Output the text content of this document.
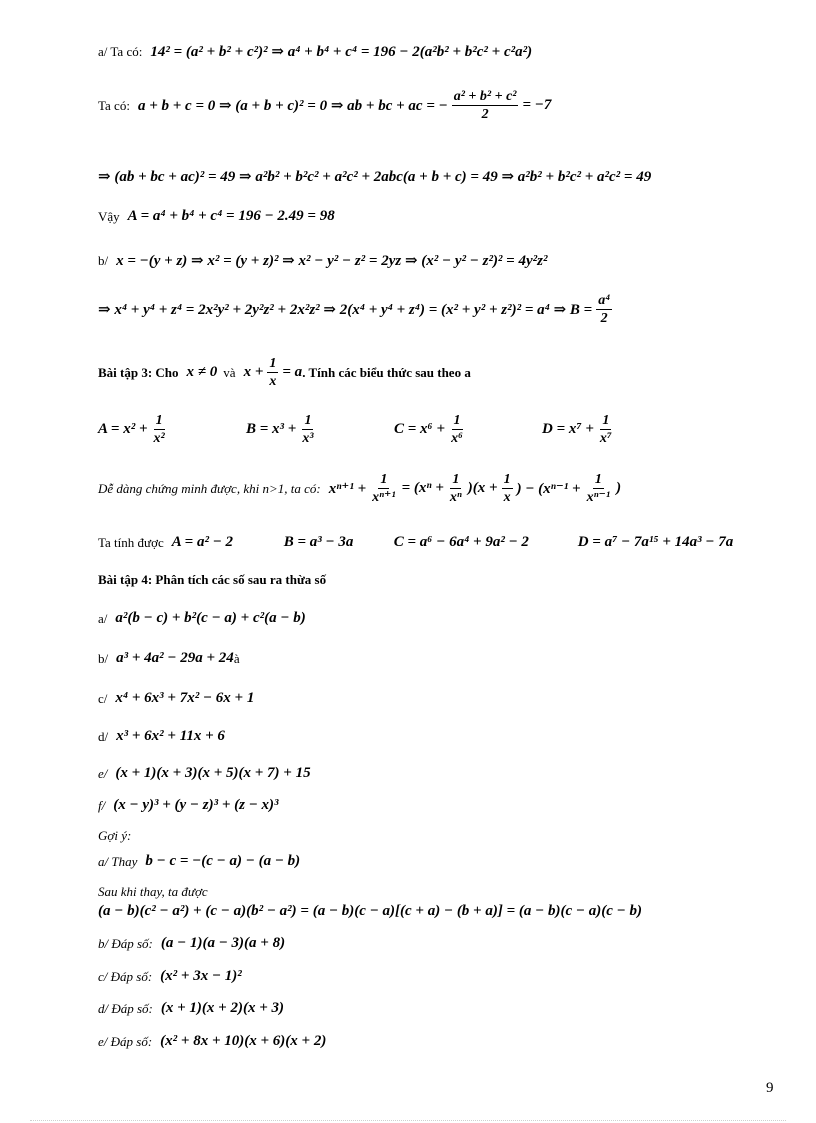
a/ Ta có: 14² = (a² + b² + c²)² ⇒ a⁴ + b⁴ + c⁴ = 196 − 2(a²b² + b²c² + c²a²)
Ta có: a + b + c = 0 ⇒ (a + b + c)² = 0 ⇒ ab + bc + ac = − $\frac{\text{a² + b² + c²}}{2} = -7$
⇒ (ab + bc + ac)² = 49 ⇒ a²b² + b²c² + a²c² + 2abc(a + b + c) = 49 ⇒ a²b² + b²c² + a²c² = 49
Vậy A = a⁴ + b⁴ + c⁴ = 196 − 2.49 = 98
b/ x = −(y + z) ⇒ x² = (y + z)² ⇒ x² − y² − z² = 2yz ⇒ (x² − y² − z²)² = 4y²z²
⇒ x⁴ + y⁴ + z⁴ = 2x²y² + 2y²z² + 2x²z² ⇒ 2(x⁴ + y⁴ + z⁴) = (x² + y² + z²)² = a⁴ ⇒ $B = \frac{\text{a⁴}}{2}$
Bài tập 3: Cho x ≠ 0 và $x + \frac{1}{x} = a$ . Tính các biểu thức sau theo a
$A = x^2 + \frac{1}{\text{x²}}$	$B = x^3 + \frac{1}{\text{x³}}$	$C = x^6 + \frac{1}{\text{x⁶}}$	$D = x^7 + \frac{1}{\text{x⁷}}$
Dễ dàng chứng minh được, khi n>1, ta có: $x^{n+1} + \frac{1}{\text{xⁿ⁺¹}} = (x^n + \frac{1}{\text{xⁿ}} )(x + \frac{1}{x}$ ) − ($x^{n-1} + \frac{1}{\text{xⁿ⁻¹}}$ )
Ta tính được A = a² − 2	B = a³ − 3a	C = a⁶ − 6a⁴ + 9a² − 2	D = a⁷ − 7a¹⁵ + 14a³ − 7a
Bài tập 4: Phân tích các số sau ra thừa số
a/ a²(b − c) + b²(c − a) + c²(a − b)
b/ a³ + 4a² − 29a + 24 à
c/ x⁴ + 6x³ + 7x² − 6x + 1
d/ x³ + 6x² + 11x + 6
e/ (x + 1)(x + 3)(x + 5)(x + 7) + 15
f/ (x − y)³ + (y − z)³ + (z − x)³
Gợi ý:
a/ Thay b − c = −(c − a) − (a − b)
Sau khi thay, ta được
(a − b)(c² − a²) + (c − a)(b² − a²) = (a − b)(c − a)[(c + a) − (b + a)] = (a − b)(c − a)(c − b)
b/ Đáp số: (a − 1)(a − 3)(a + 8)
c/ Đáp số: (x² + 3x − 1)²
d/ Đáp số: (x + 1)(x + 2)(x + 3)
e/ Đáp số: (x² + 8x + 10)(x + 6)(x + 2)
9
